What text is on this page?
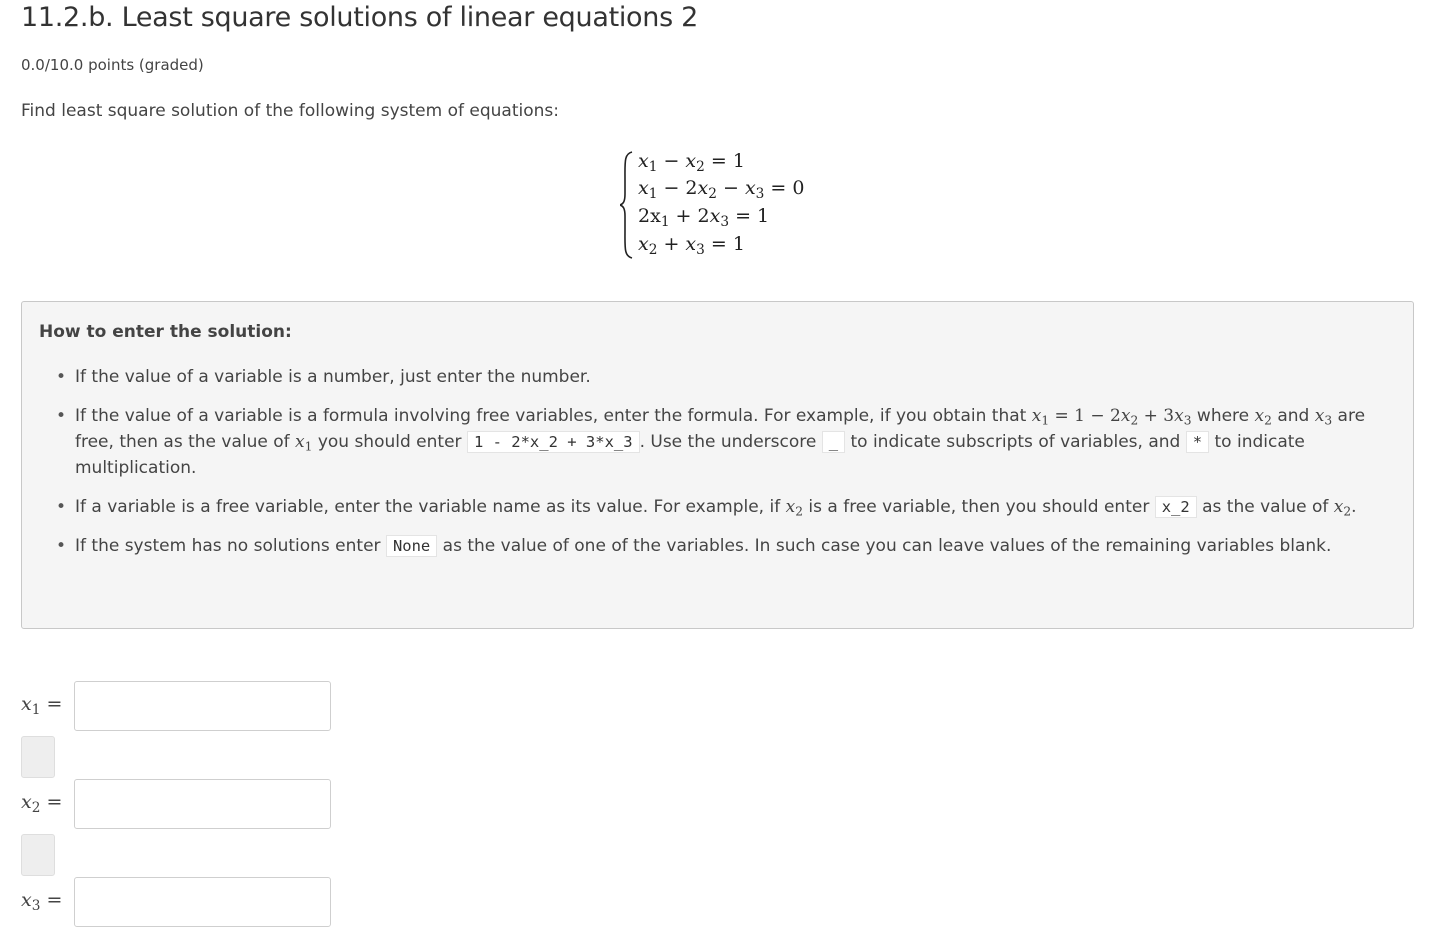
11.2.b. Least square solutions of linear equations 2
0.0/10.0 points (graded)
Find least square solution of the following system of equations:
$x_1 - x_2 = 1$
$x_1 - 2x_2 - x_3 = 0$
$2x_1 + 2x_3 = 1$
$x_2 + x_3 = 1$
How to enter the solution:
• If the value of a variable is a number, just enter the number.
• If the value of a variable is a formula involving free variables, enter the formula. For example, if you obtain that $x_1 = 1 - 2x_2 + 3x_3$ where $x_2$ and $x_3$ are free, then as the value of $x_1$ you should enter 1 - 2*x_2 + 3*x_3 . Use the underscore _ to indicate subscripts of variables, and * to indicate multiplication.
• If a variable is a free variable, enter the variable name as its value. For example, if $x_2$ is a free variable, then you should enter x_2 as the value of $x_2$.
• If the system has no solutions enter None as the value of one of the variables. In such case you can leave values of the remaining variables blank.
$x_1$ =
$x_2$ =
$x_3$ =
